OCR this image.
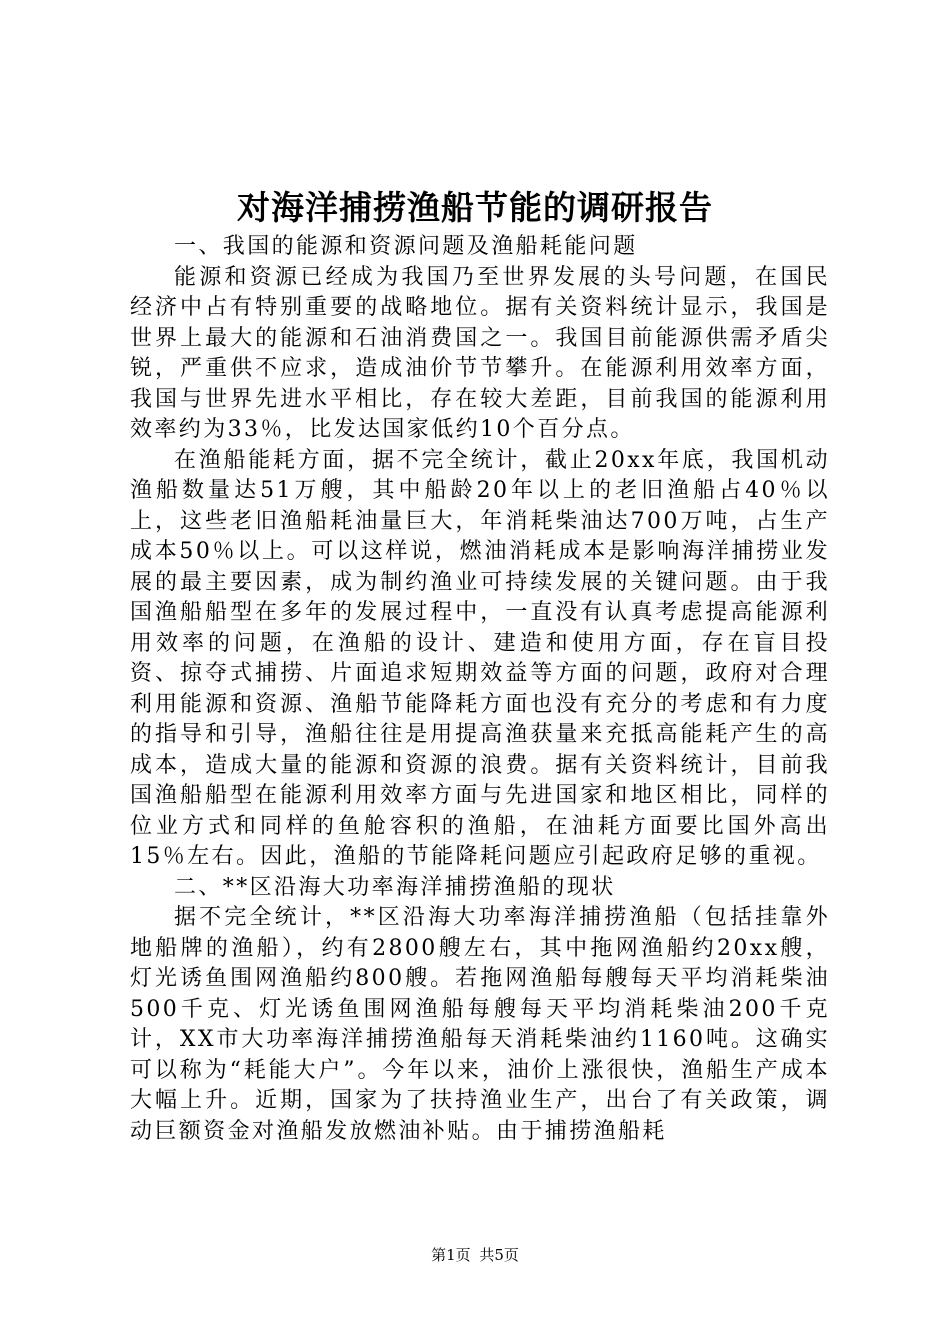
对海洋捕捞渔船节能的调研报告

一、我国的能源和资源问题及渔船耗能问题

能源和资源已经成为我国乃至世界发展的头号问题，在国民经济中占有特别重要的战略地位。据有关资料统计显示，我国是世界上最大的能源和石油消费国之一。我国目前能源供需矛盾尖锐，严重供不应求，造成油价节节攀升。在能源利用效率方面，我国与世界先进水平相比，存在较大差距，目前我国的能源利用效率约为33％，比发达国家低约10个百分点。

在渔船能耗方面，据不完全统计，截止20xx年底，我国机动渔船数量达51万艘，其中船龄20年以上的老旧渔船占40％以上，这些老旧渔船耗油量巨大，年消耗柴油达700万吨，占生产成本50％以上。可以这样说，燃油消耗成本是影响海洋捕捞业发展的最主要因素，成为制约渔业可持续发展的关键问题。由于我国渔船船型在多年的发展过程中，一直没有认真考虑提高能源利用效率的问题，在渔船的设计、建造和使用方面，存在盲目投资、掠夺式捕捞、片面追求短期效益等方面的问题，政府对合理利用能源和资源、渔船节能降耗方面也没有充分的考虑和有力度的指导和引导，渔船往往是用提高渔获量来充抵高能耗产生的高成本，造成大量的能源和资源的浪费。据有关资料统计，目前我国渔船船型在能源利用效率方面与先进国家和地区相比，同样的位业方式和同样的鱼舱容积的渔船，在油耗方面要比国外高出15％左右。因此，渔船的节能降耗问题应引起政府足够的重视。

二、**区沿海大功率海洋捕捞渔船的现状

据不完全统计，**区沿海大功率海洋捕捞渔船（包括挂靠外地船牌的渔船），约有2800艘左右，其中拖网渔船约20xx艘，灯光诱鱼围网渔船约800艘。若拖网渔船每艘每天平均消耗柴油500千克、灯光诱鱼围网渔船每艘每天平均消耗柴油200千克计，XX市大功率海洋捕捞渔船每天消耗柴油约1160吨。这确实可以称为“耗能大户”。今年以来，油价上涨很快，渔船生产成本大幅上升。近期，国家为了扶持渔业生产，出台了有关政策，调动巨额资金对渔船发放燃油补贴。由于捕捞渔船耗

第1页 共5页
